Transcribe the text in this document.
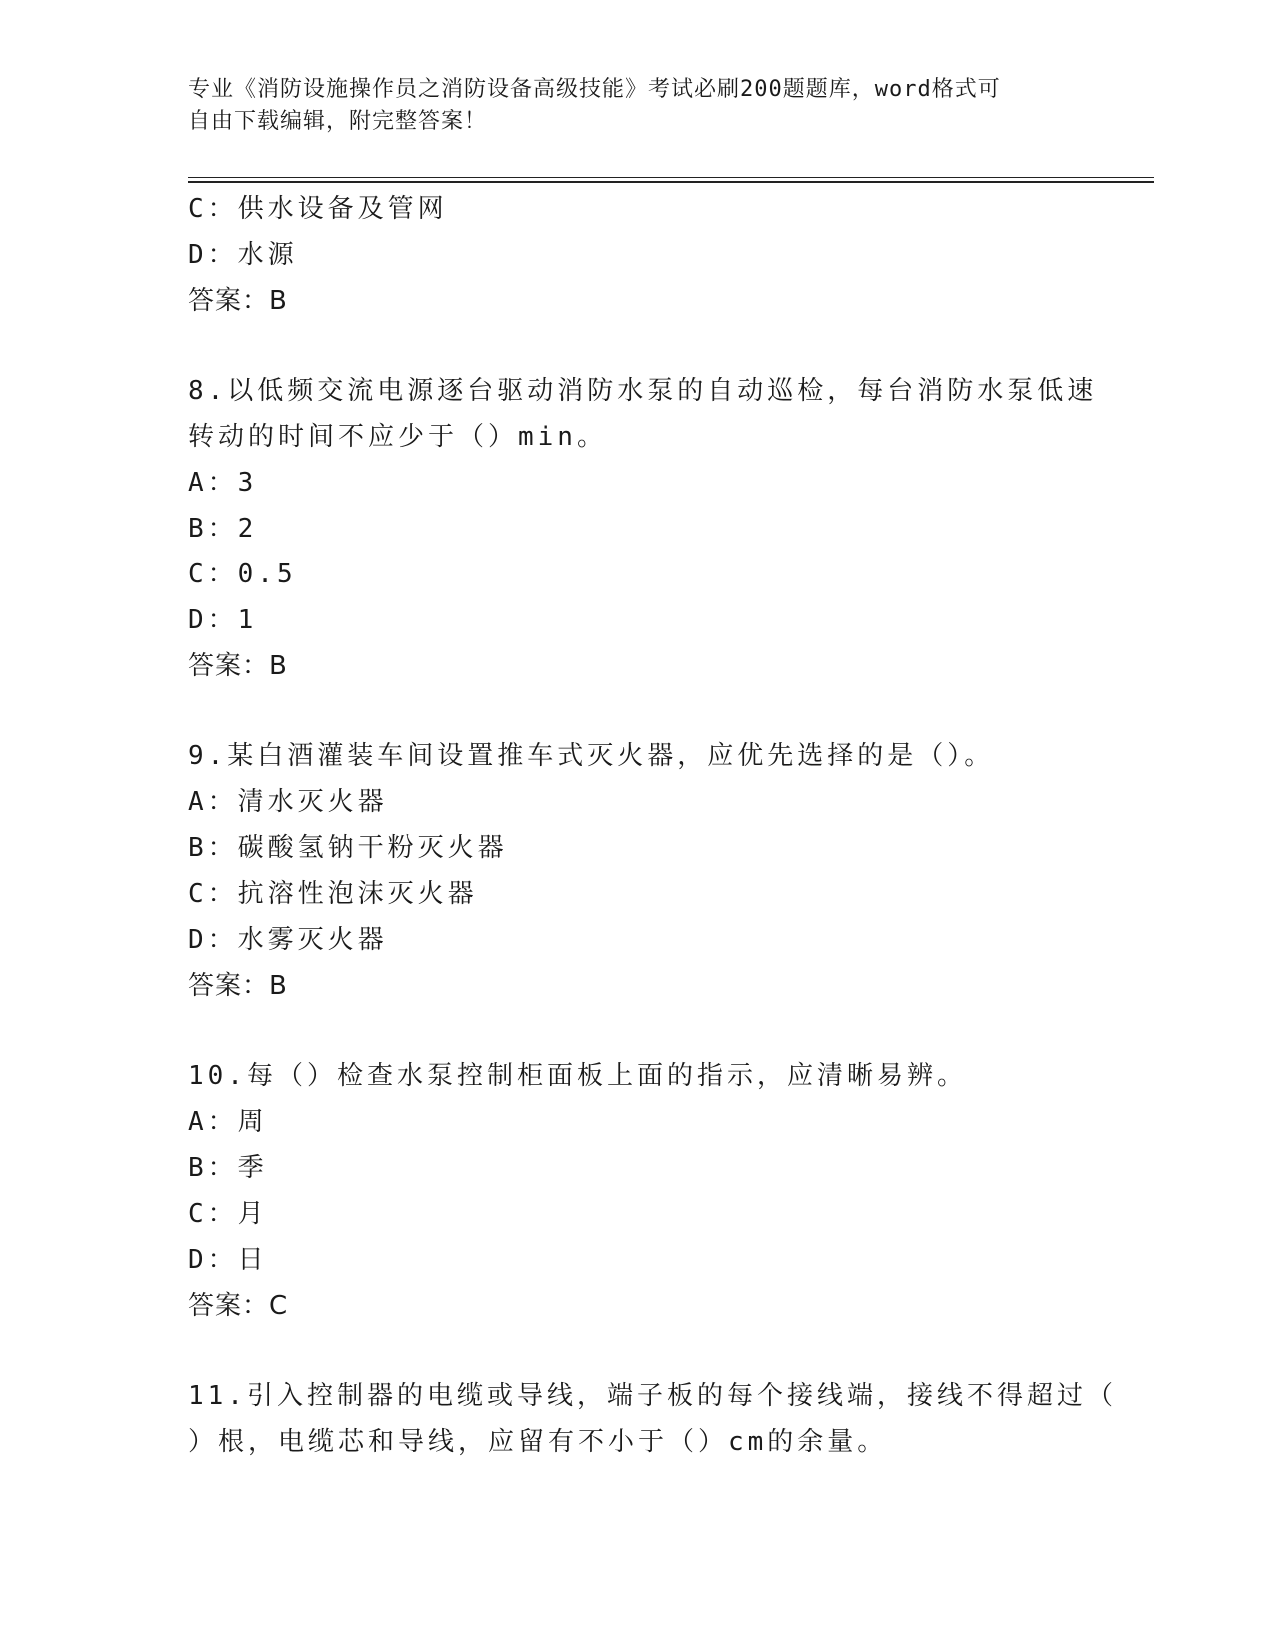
专业《消防设施操作员之消防设备高级技能》考试必刷200题题库，word格式可
自由下载编辑，附完整答案！
C：供水设备及管网
D：水源
答案：B
8.以低频交流电源逐台驱动消防水泵的自动巡检，每台消防水泵低速
转动的时间不应少于（）min。
A：3
B：2
C：0.5
D：1
答案：B
9.某白酒灌装车间设置推车式灭火器，应优先选择的是（）。
A：清水灭火器
B：碳酸氢钠干粉灭火器
C：抗溶性泡沫灭火器
D：水雾灭火器
答案：B
10.每（）检查水泵控制柜面板上面的指示，应清晰易辨。
A：周
B：季
C：月
D：日
答案：C
11.引入控制器的电缆或导线，端子板的每个接线端，接线不得超过（
）根，电缆芯和导线，应留有不小于（）cm的余量。
